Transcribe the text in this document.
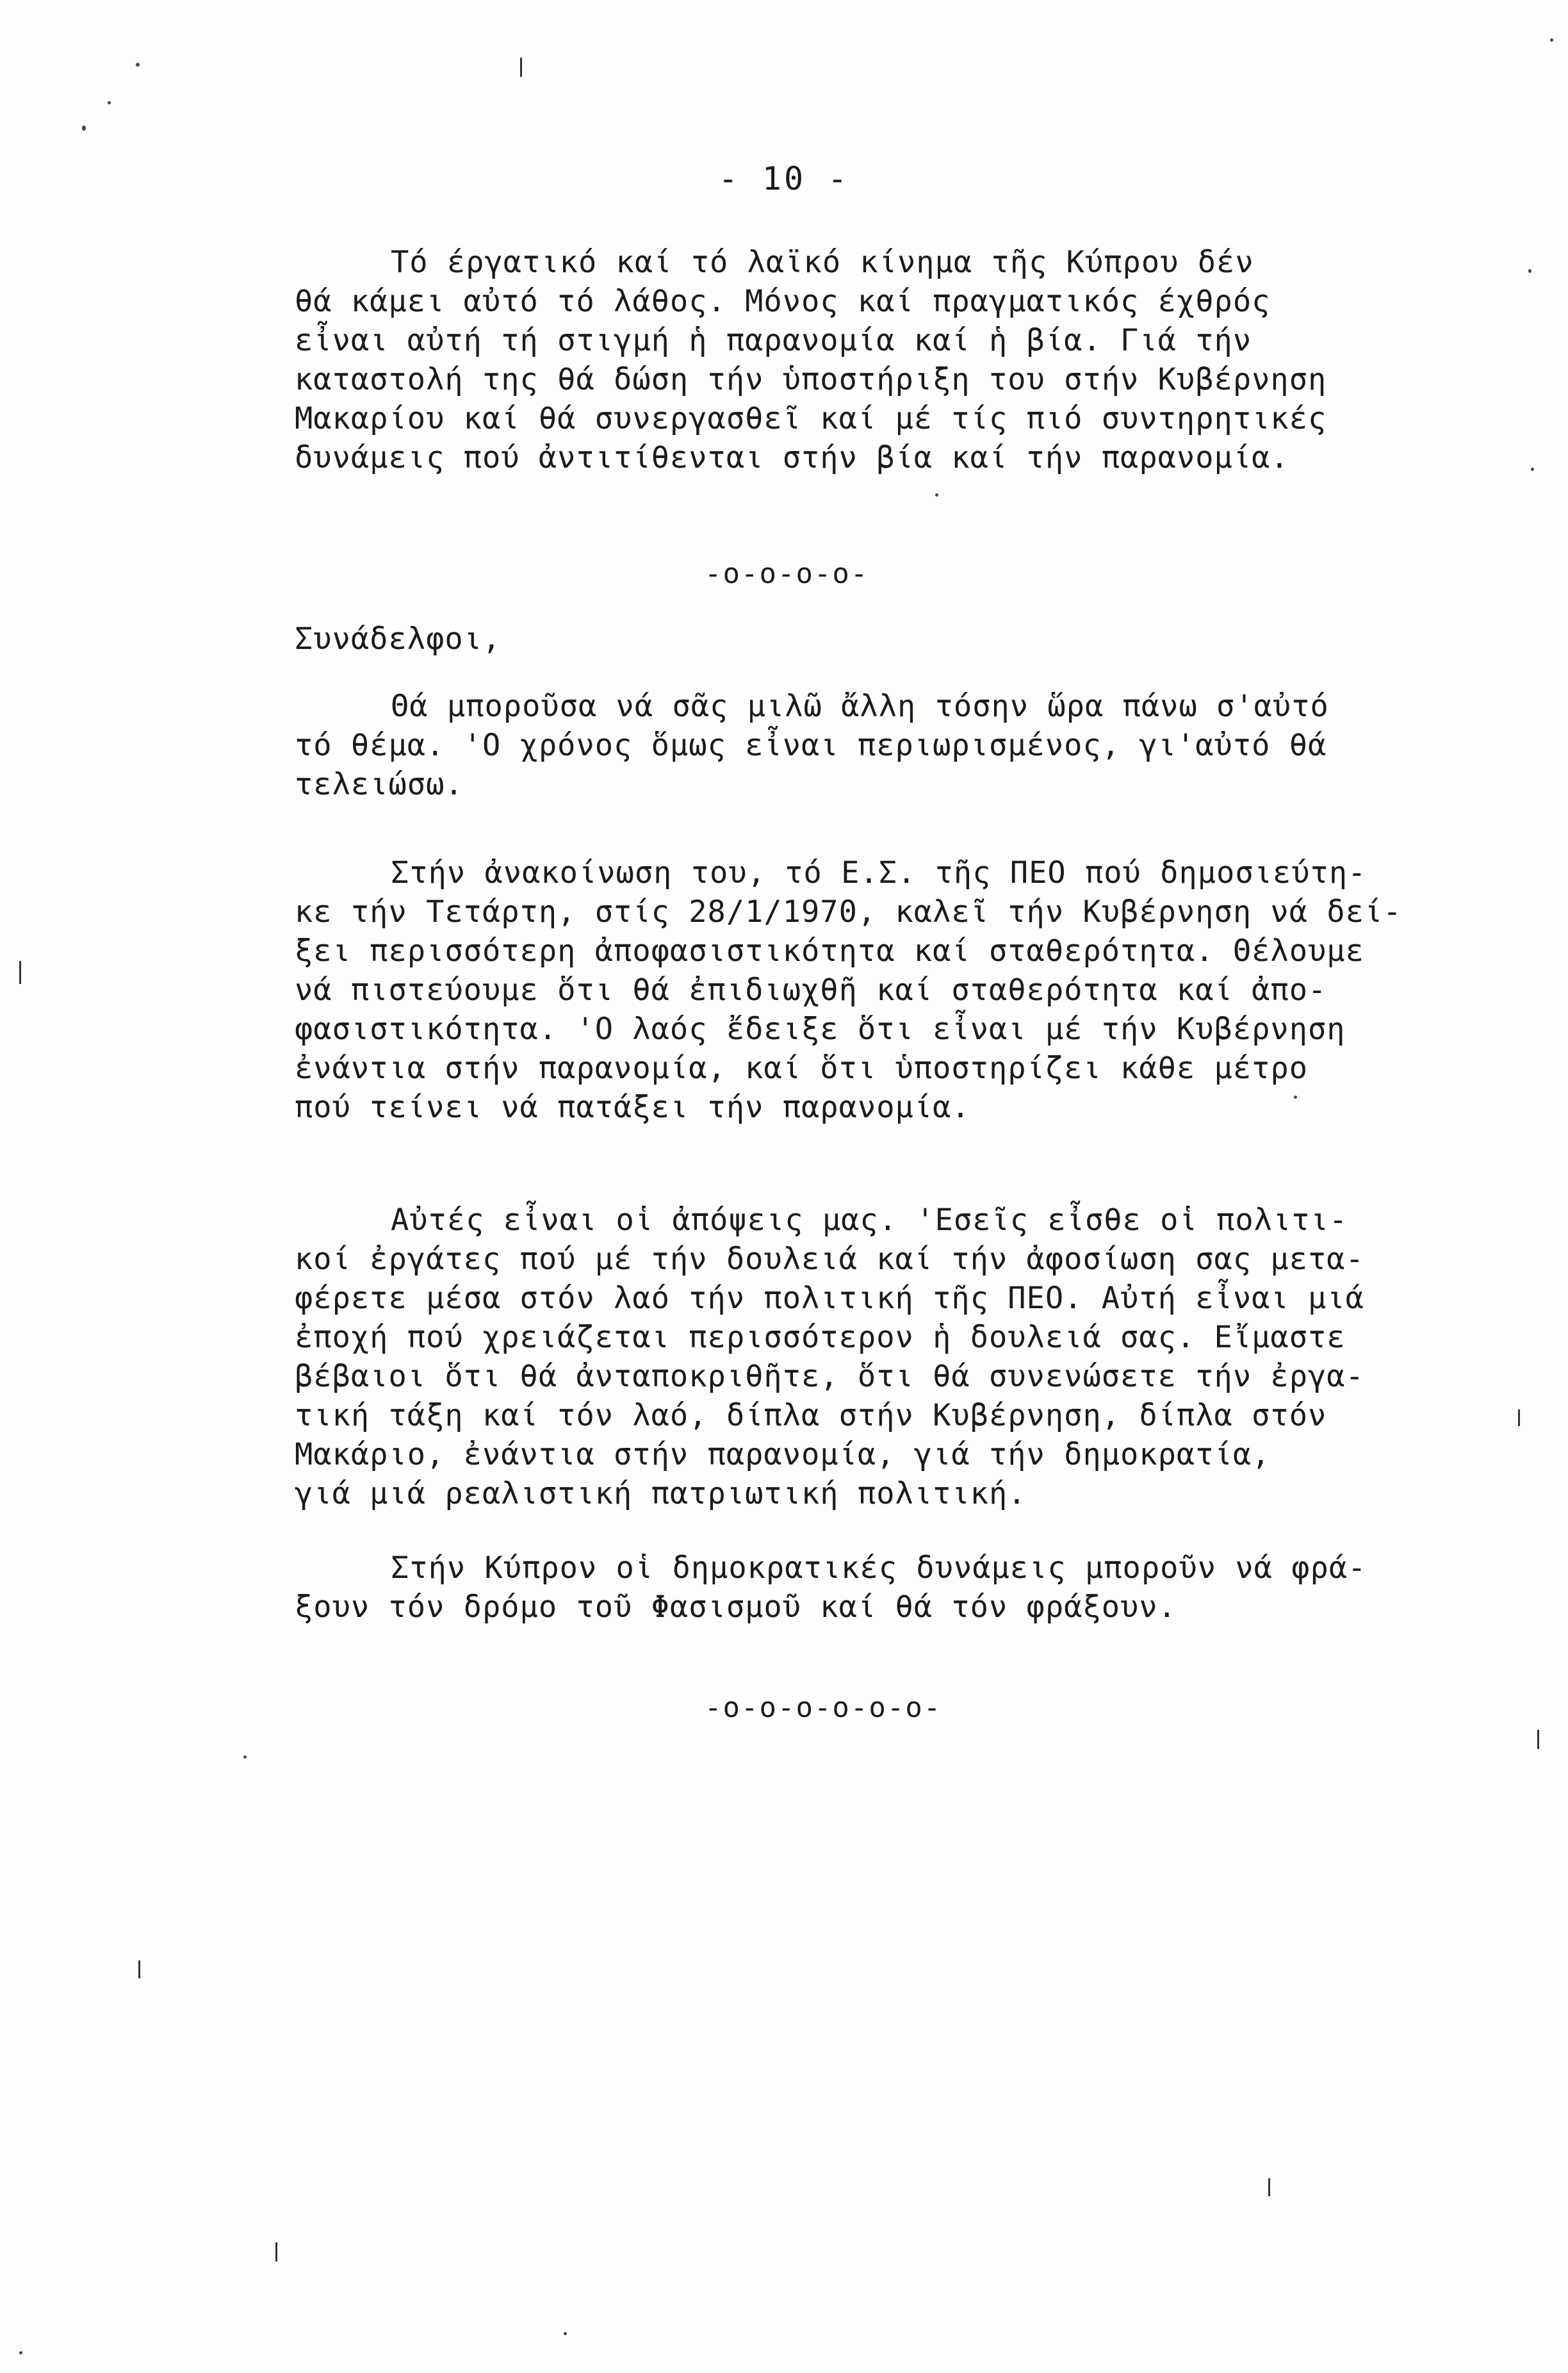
- 10 -
Τό έργατικό καί τό λαϊκό κίνημα τῆς Κύπρου δέν
θά κάμει αὐτό τό λάθος. Μόνος καί πραγματικός έχθρός
εἶναι αὐτή τή στιγμή ἡ παρανομία καί ἡ βία. Γιά τήν
καταστολή της θά δώση τήν ὑποστήριξη του στήν Κυβέρνηση
Μακαρίου καί θά συνεργασθεῖ καί μέ τίς πιό συντηρητικές
δυνάμεις πού ἀντιτίθενται στήν βία καί τήν παρανομία.
-o-o-o-o-
Συνάδελφοι,
Θά μποροῦσα νά σᾶς μιλῶ ἄλλη τόσην ὥρα πάνω σ'αὐτό
τό θέμα. 'Ο χρόνος ὅμως εἶναι περιωρισμένος, γι'αὐτό θά
τελειώσω.
Στήν ἀνακοίνωση του, τό Ε.Σ. τῆς ΠΕΟ πού δημοσιεύτη-
κε τήν Τετάρτη, στίς 28/1/1970, καλεῖ τήν Κυβέρνηση νά δεί-
ξει περισσότερη ἀποφασιστικότητα καί σταθερότητα. Θέλουμε
νά πιστεύουμε ὅτι θά ἐπιδιωχθῆ καί σταθερότητα καί ἀπο-
φασιστικότητα. 'Ο λαός ἔδειξε ὅτι εἶναι μέ τήν Κυβέρνηση
ἐνάντια στήν παρανομία, καί ὅτι ὑποστηρίζει κάθε μέτρο
πού τείνει νά πατάξει τήν παρανομία.
Αὐτές εἶναι οἱ ἀπόψεις μας. 'Εσεῖς εἶσθε οἱ πολιτι-
κοί ἐργάτες πού μέ τήν δουλειά καί τήν ἀφοσίωση σας μετα-
φέρετε μέσα στόν λαό τήν πολιτική τῆς ΠΕΟ. Αὐτή εἶναι μιά
ἐποχή πού χρειάζεται περισσότερον ἡ δουλειά σας. Εἴμαστε
βέβαιοι ὅτι θά ἀνταποκριθῆτε, ὅτι θά συνενώσετε τήν ἐργα-
τική τάξη καί τόν λαό, δίπλα στήν Κυβέρνηση, δίπλα στόν
Μακάριο, ἐνάντια στήν παρανομία, γιά τήν δημοκρατία,
γιά μιά ρεαλιστική πατριωτική πολιτική.
Στήν Κύπρον οἱ δημοκρατικές δυνάμεις μποροῦν νά φρά-
ξουν τόν δρόμο τοῦ Φασισμοῦ καί θά τόν φράξουν.
-o-o-o-o-o-o-
